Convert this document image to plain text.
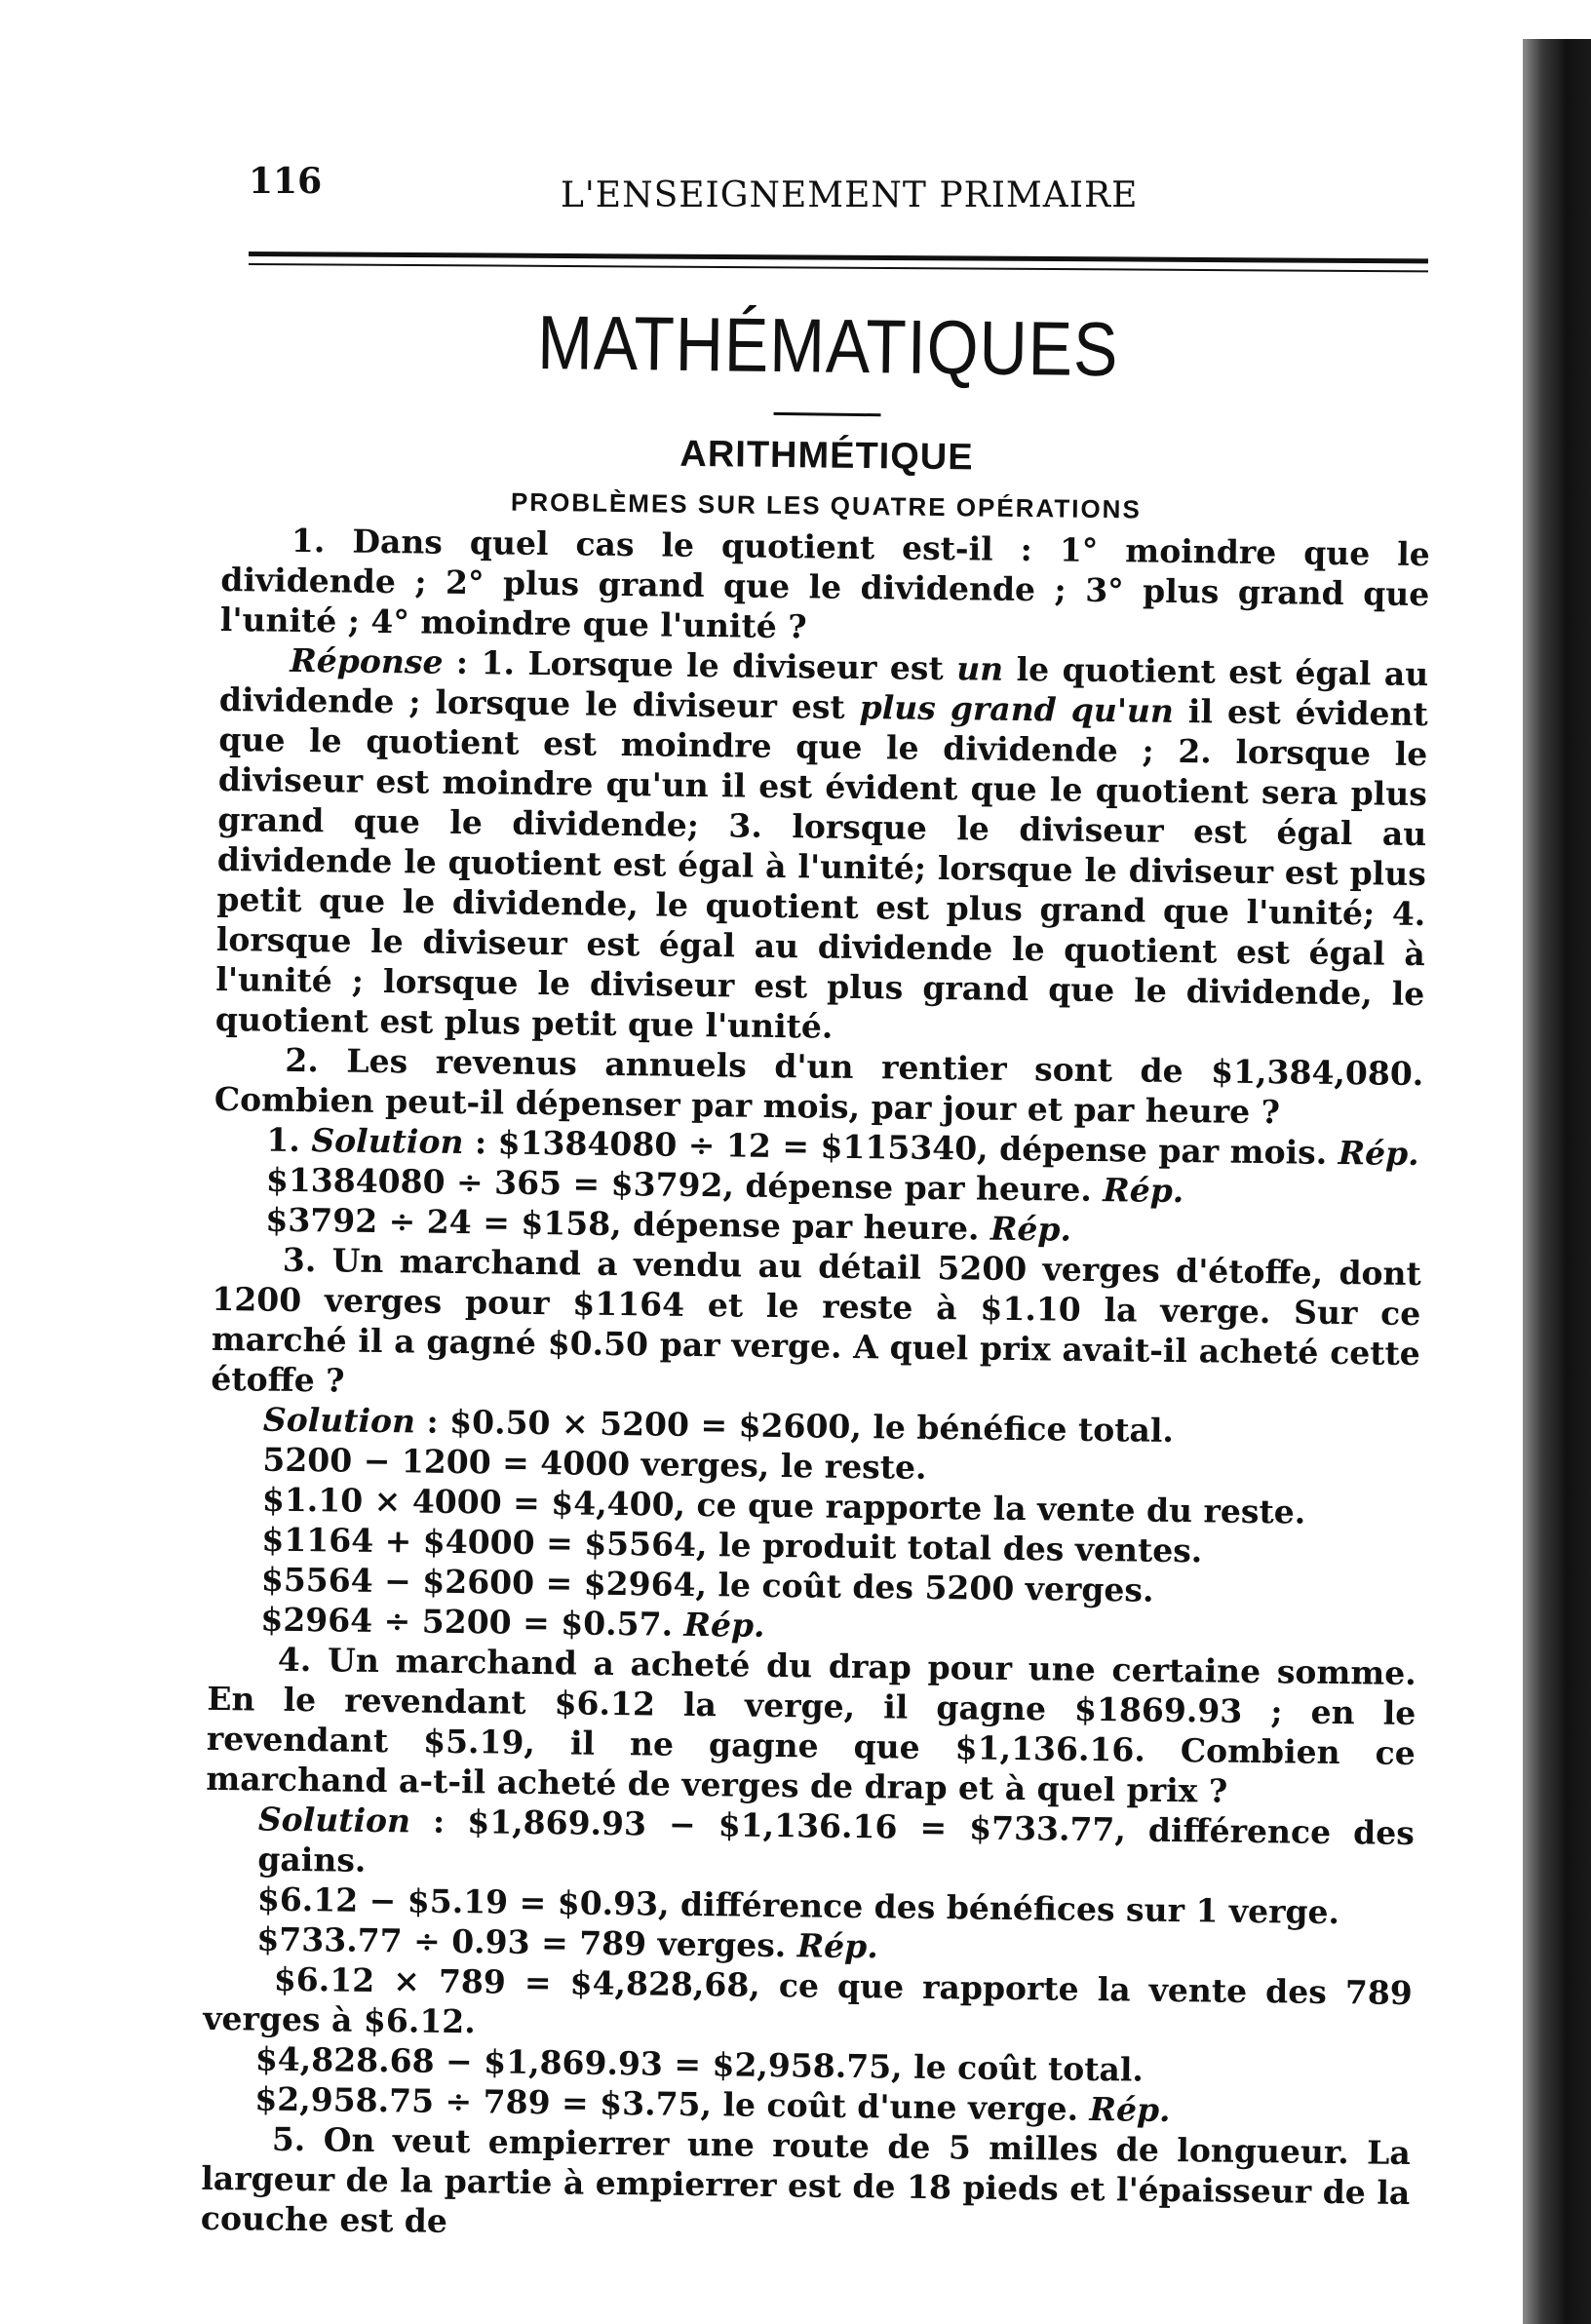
116	L'ENSEIGNEMENT PRIMAIRE
MATHÉMATIQUES
ARITHMÉTIQUE
PROBLÈMES SUR LES QUATRE OPÉRATIONS

1. Dans quel cas le quotient est-il : 1° moindre que le dividende ; 2° plus grand que le dividende ; 3° plus grand que l'unité ; 4° moindre que l'unité ?

Réponse : 1. Lorsque le diviseur est un le quotient est égal au dividende ; lorsque le diviseur est plus grand qu'un il est évident que le quotient est moindre que le dividende ; 2. lorsque le diviseur est moindre qu'un il est évident que le quotient sera plus grand que le dividende; 3. lorsque le diviseur est égal au dividende le quotient est égal à l'unité; lorsque le diviseur est plus petit que le dividende, le quotient est plus grand que l'unité; 4. lorsque le diviseur est égal au dividende le quotient est égal à l'unité ; lorsque le diviseur est plus grand que le dividende, le quotient est plus petit que l'unité.

2. Les revenus annuels d'un rentier sont de $1,384,080. Combien peut-il dépenser par mois, par jour et par heure ?

1. Solution : $1384080 ÷ 12 = $115340, dépense par mois. Rép.

$1384080 ÷ 365 = $3792, dépense par heure. Rép.

$3792 ÷ 24 = $158, dépense par heure. Rép.

3. Un marchand a vendu au détail 5200 verges d'étoffe, dont 1200 verges pour $1164 et le reste à $1.10 la verge. Sur ce marché il a gagné $0.50 par verge. A quel prix avait-il acheté cette étoffe ?

Solution : $0.50 × 5200 = $2600, le bénéfice total.

5200 − 1200 = 4000 verges, le reste.

$1.10 × 4000 = $4,400, ce que rapporte la vente du reste.

$1164 + $4000 = $5564, le produit total des ventes.

$5564 − $2600 = $2964, le coût des 5200 verges.

$2964 ÷ 5200 = $0.57. Rép.

4. Un marchand a acheté du drap pour une certaine somme. En le revendant $6.12 la verge, il gagne $1869.93 ; en le revendant $5.19, il ne gagne que $1,136.16. Combien ce marchand a-t-il acheté de verges de drap et à quel prix ?

Solution : $1,869.93 − $1,136.16 = $733.77, différence des gains.

$6.12 − $5.19 = $0.93, différence des bénéfices sur 1 verge.

$733.77 ÷ 0.93 = 789 verges. Rép.

$6.12 × 789 = $4,828,68, ce que rapporte la vente des 789 verges à $6.12.

$4,828.68 − $1,869.93 = $2,958.75, le coût total.

$2,958.75 ÷ 789 = $3.75, le coût d'une verge. Rép.

5. On veut empierrer une route de 5 milles de longueur. La largeur de la partie à empierrer est de 18 pieds et l'épaisseur de la couche est de
